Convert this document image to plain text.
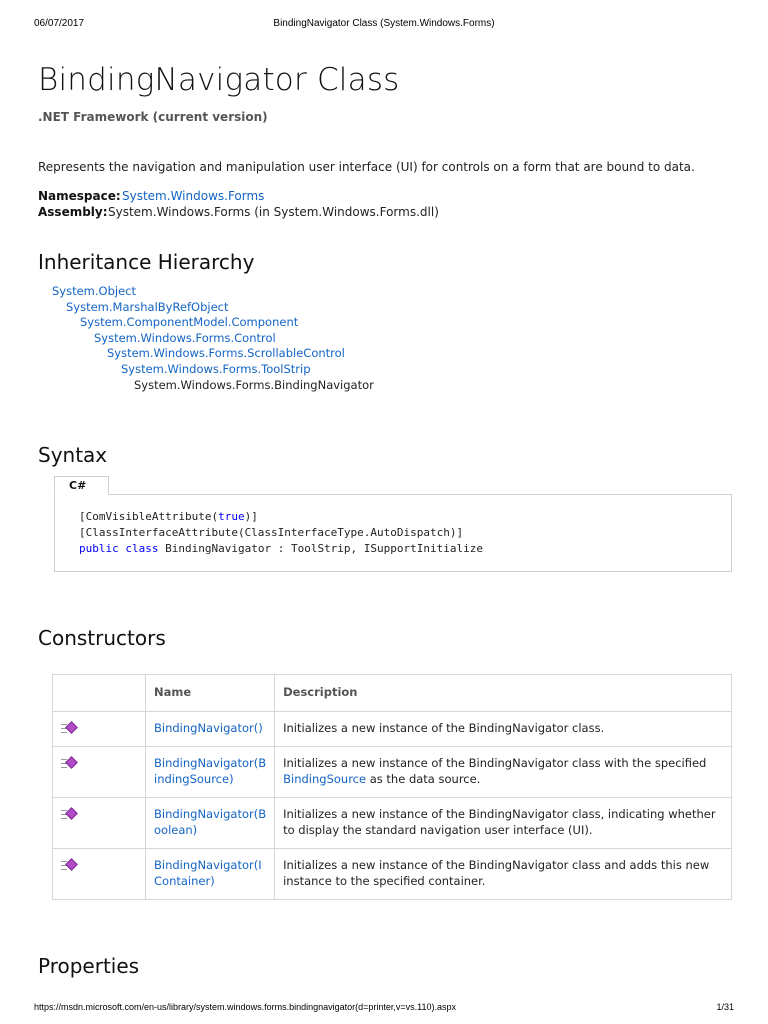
06/07/2017	BindingNavigator Class (System.Windows.Forms)
BindingNavigator Class
.NET Framework (current version)
Represents the navigation and manipulation user interface (UI) for controls on a form that are bound to data.
Namespace:System.Windows.Forms
Assembly:System.Windows.Forms (in System.Windows.Forms.dll)
Inheritance Hierarchy
System.Object
System.MarshalByRefObject
System.ComponentModel.Component
System.Windows.Forms.Control
System.Windows.Forms.ScrollableControl
System.Windows.Forms.ToolStrip
System.Windows.Forms.BindingNavigator
Syntax
C#
[ComVisibleAttribute(true)]
[ClassInterfaceAttribute(ClassInterfaceType.AutoDispatch)]
public class BindingNavigator : ToolStrip, ISupportInitialize
Constructors
	Name	Description

	BindingNavigator()	Initializes a new instance of the BindingNavigator class.

	BindingNavigator(B
indingSource)	Initializes a new instance of the BindingNavigator class with the specified BindingSource as the data source.

	BindingNavigator(B
oolean)	Initializes a new instance of the BindingNavigator class, indicating whether to display the standard navigation user interface (UI).

	BindingNavigator(I
Container)	Initializes a new instance of the BindingNavigator class and adds this new instance to the specified container.
Properties
https://msdn.microsoft.com/en-us/library/system.windows.forms.bindingnavigator(d=printer,v=vs.110).aspx	1/31
